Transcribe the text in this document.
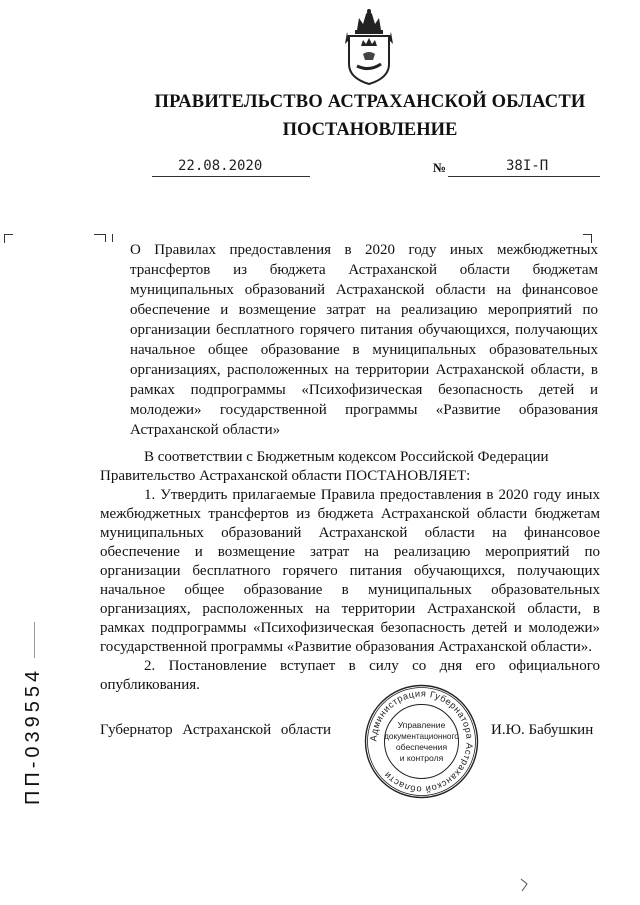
ПРАВИТЕЛЬСТВО АСТРАХАНСКОЙ ОБЛАСТИ
ПОСТАНОВЛЕНИЕ
22.08.2020	№	38I-П
О Правилах предоставления в 2020 году иных межбюджетных трансфертов из бюджета Астраханской области бюджетам муниципальных образований Астраханской области на финансовое обеспечение и возмещение затрат на реализацию мероприятий по организации бесплатного горячего питания обучающихся, получающих начальное общее образование в муниципальных образовательных организациях, расположенных на территории Астраханской области, в рамках подпрограммы «Психофизическая безопасность детей и молодежи» государственной программы «Развитие образования Астраханской области»

В соответствии с Бюджетным кодексом Российской Федерации

Правительство Астраханской области ПОСТАНОВЛЯЕТ:

1. Утвердить прилагаемые Правила предоставления в 2020 году иных межбюджетных трансфертов из бюджета Астраханской области бюджетам муниципальных образований Астраханской области на финансовое обеспечение и возмещение затрат на реализацию мероприятий по организации бесплатного горячего питания обучающихся, получающих начальное общее образование в муниципальных образовательных организациях, расположенных на территории Астраханской области, в рамках подпрограммы «Психофизическая безопасность детей и молодежи» государственной программы «Развитие образования Астраханской области».

2. Постановление вступает в силу со дня его официального опубликования.

Губернатор Астраханской области	И.Ю. Бабушкин
Администрация Губернатора Астраханской области
Управление
документационного
обеспечения
и контроля
ПП-039554
